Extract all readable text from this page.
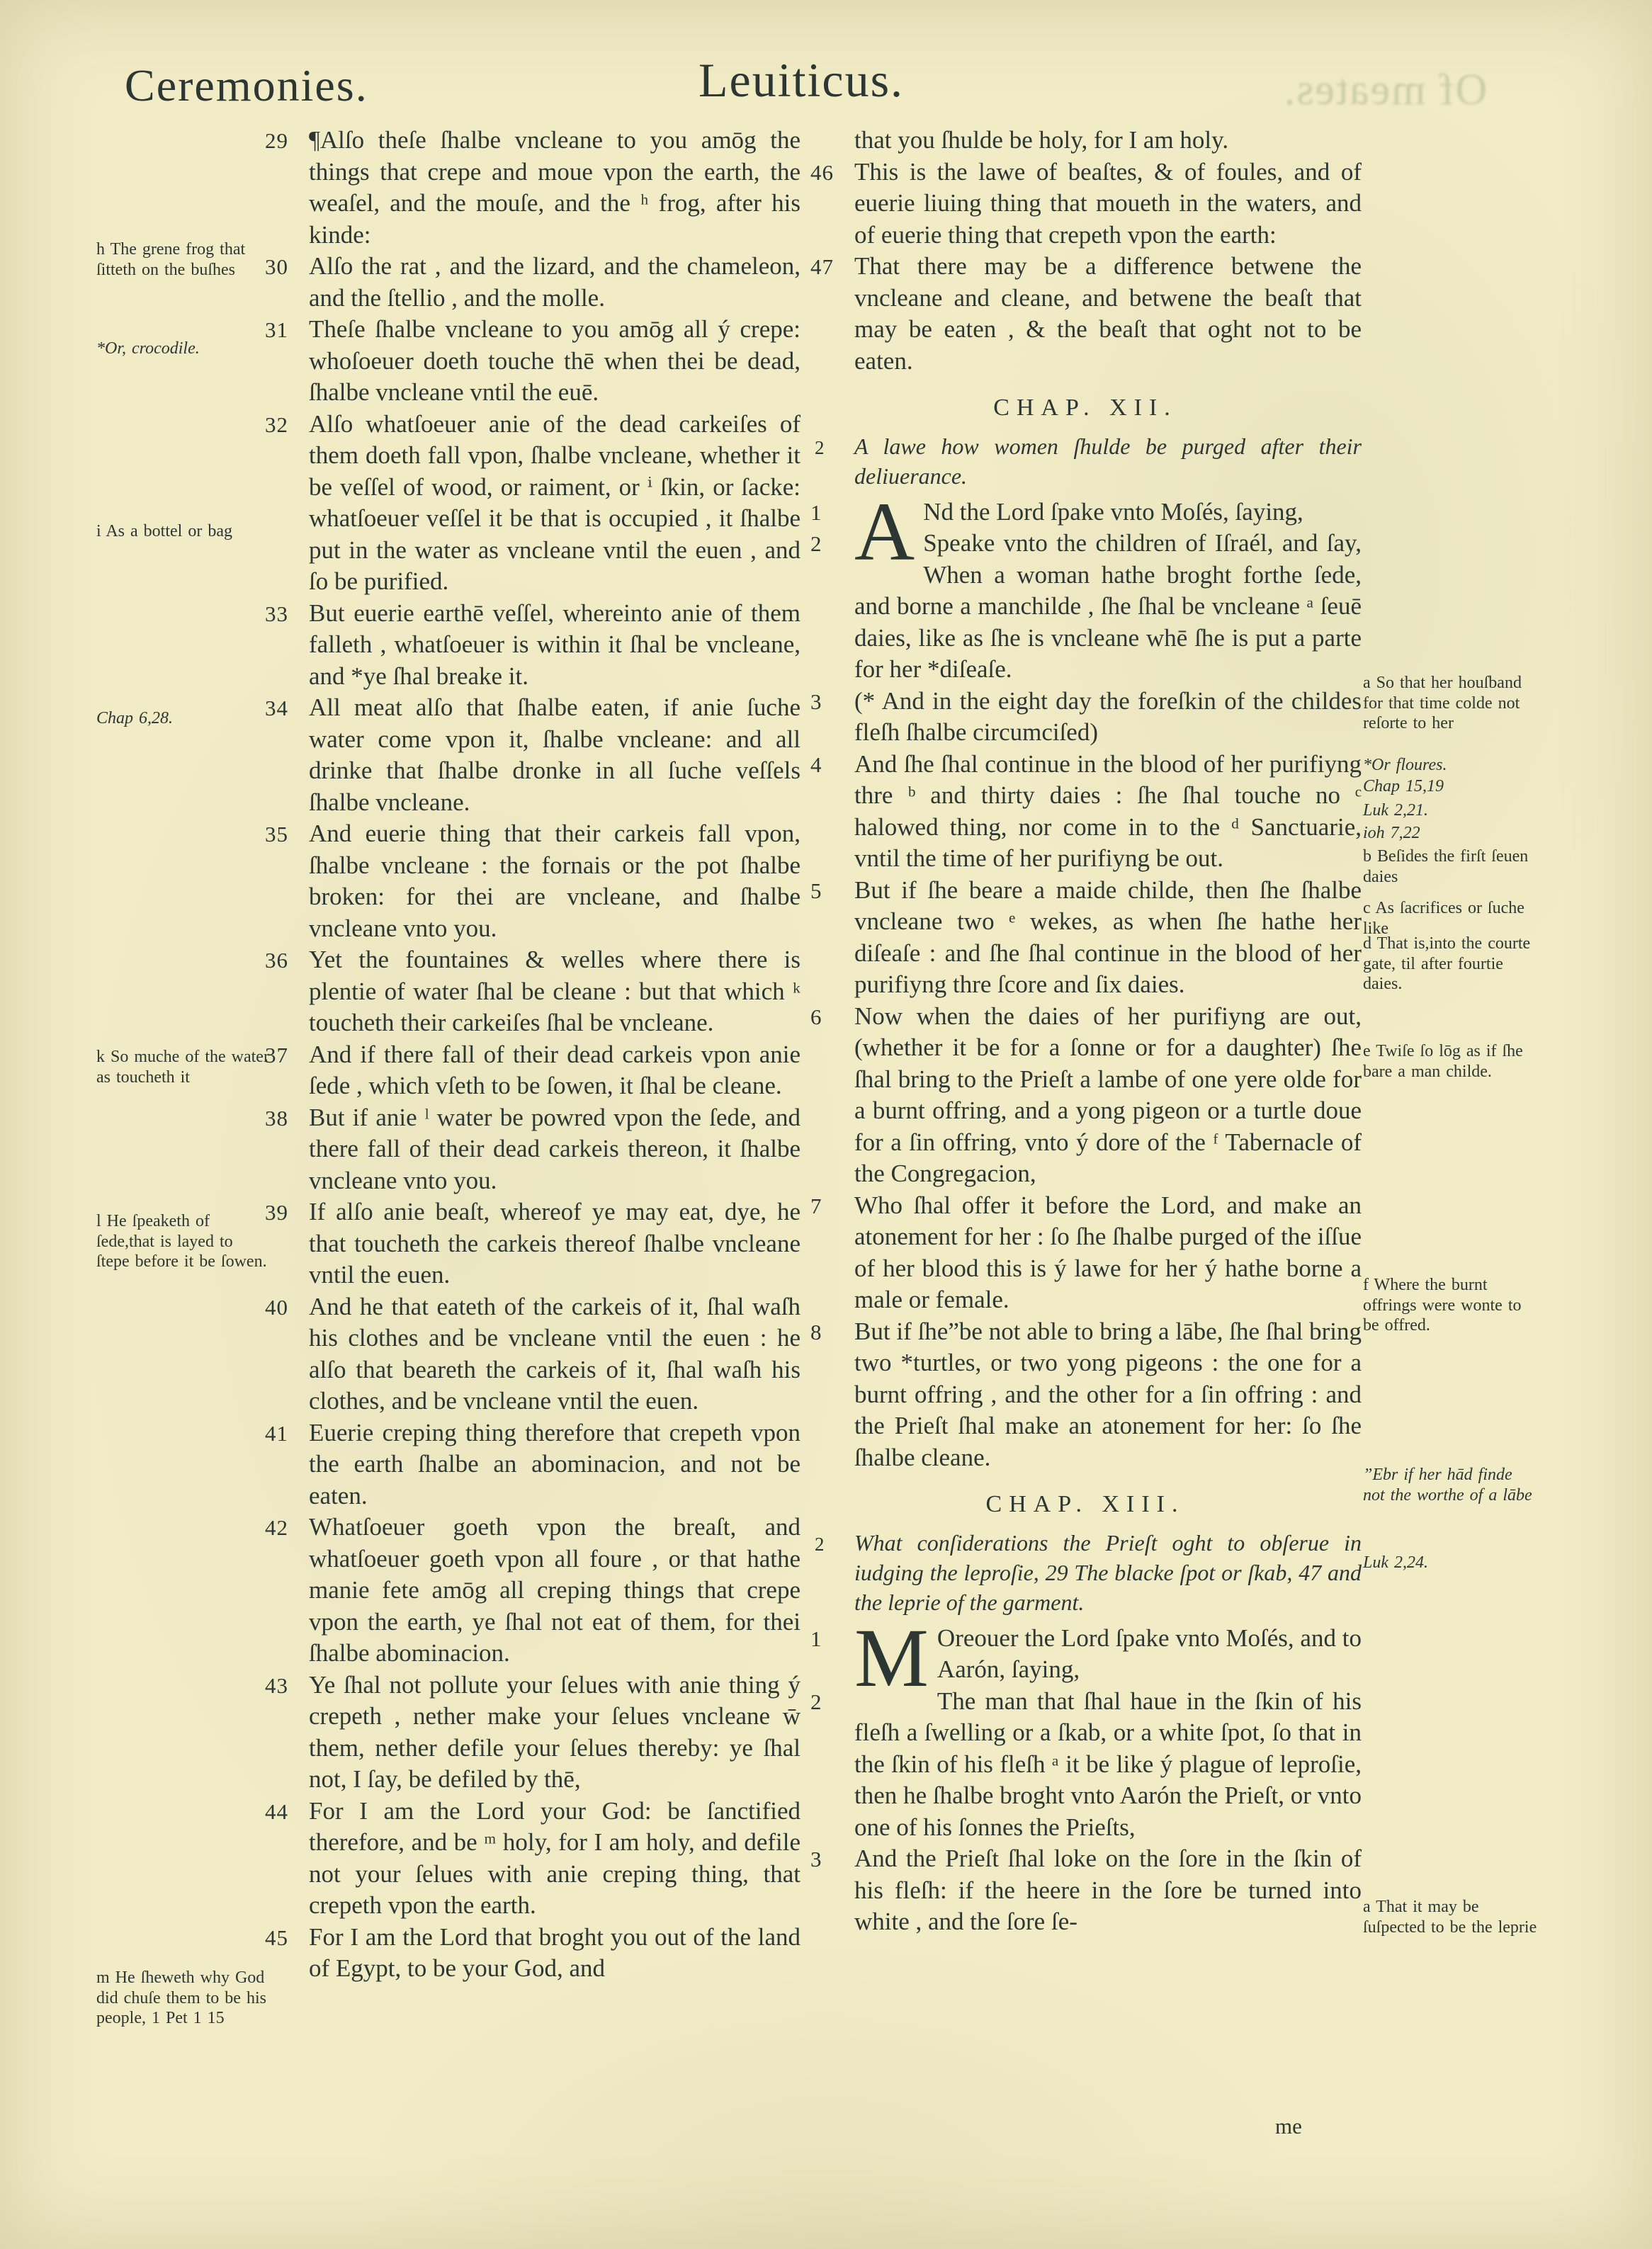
Ceremonies.	Leuiticus.	Of meates.
h The grene frog that ſitteth on the buſhes
*Or, crocodile.
i As a bottel or bag
Chap 6,28.
k So muche of the water as toucheth it
l He ſpeaketh of ſede,that is layed to ſtepe before it be ſowen.
m He ſheweth why God did chuſe them to be his people, 1 Pet 1 15

29 ¶Alſo theſe ſhalbe vncleane to you amōg the things that crepe and moue vpon the earth, the weaſel, and the mouſe, and the ʰ frog, after his kinde:

30 Alſo the rat , and the lizard, and the chameleon, and the ſtellio , and the molle.

31 Theſe ſhalbe vncleane to you amōg all ý crepe: whoſoeuer doeth touche thē when thei be dead, ſhalbe vncleane vntil the euē.

32 Alſo whatſoeuer anie of the dead carkeiſes of them doeth fall vpon, ſhalbe vncleane, whether it be veſſel of wood, or raiment, or ⁱ ſkin, or ſacke: whatſoeuer veſſel it be that is occupied , it ſhalbe put in the water as vncleane vntil the euen , and ſo be purified.

33 But euerie earthē veſſel, whereinto anie of them falleth , whatſoeuer is within it ſhal be vncleane, and *ye ſhal breake it.

34 All meat alſo that ſhalbe eaten, if anie ſuche water come vpon it, ſhalbe vncleane: and all drinke that ſhalbe dronke in all ſuche veſſels ſhalbe vncleane.

35 And euerie thing that their carkeis fall vpon, ſhalbe vncleane : the fornais or the pot ſhalbe broken: for thei are vncleane, and ſhalbe vncleane vnto you.

36 Yet the fountaines & welles where there is plentie of water ſhal be cleane : but that which ᵏ toucheth their carkeiſes ſhal be vncleane.

37 And if there fall of their dead carkeis vpon anie ſede , which vſeth to be ſowen, it ſhal be cleane.

38 But if anie ˡ water be powred vpon the ſede, and there fall of their dead carkeis thereon, it ſhalbe vncleane vnto you.

39 If alſo anie beaſt, whereof ye may eat, dye, he that toucheth the carkeis thereof ſhalbe vncleane vntil the euen.

40 And he that eateth of the carkeis of it, ſhal waſh his clothes and be vncleane vntil the euen : he alſo that beareth the carkeis of it, ſhal waſh his clothes, and be vncleane vntil the euen.

41 Euerie creping thing therefore that crepeth vpon the earth ſhalbe an abominacion, and not be eaten.

42 Whatſoeuer goeth vpon the breaſt, and whatſoeuer goeth vpon all foure , or that hathe manie fete amōg all creping things that crepe vpon the earth, ye ſhal not eat of them, for thei ſhalbe abominacion.

43 Ye ſhal not pollute your ſelues with anie thing ý crepeth , nether make your ſelues vncleane w̄ them, nether defile your ſelues thereby: ye ſhal not, I ſay, be defiled by thē,

44 For I am the Lord your God: be ſanctified therefore, and be ᵐ holy, for I am holy, and defile not your ſelues with anie creping thing, that crepeth vpon the earth.

45 For I am the Lord that broght you out of the land of Egypt, to be your God, and

that you ſhulde be holy, for I am holy.

46 This is the lawe of beaſtes, & of foules, and of euerie liuing thing that moueth in the waters, and of euerie thing that crepeth vpon the earth:

47 That there may be a difference betwene the vncleane and cleane, and betwene the beaſt that may be eaten , & the beaſt that oght not to be eaten.

CHAP. XII.

2 A lawe how women ſhulde be purged after their deliuerance.

1 A Nd the Lord ſpake vnto Moſés, ſaying,

2	Speake vnto the children of Iſraél, and ſay, When a woman hathe broght forthe ſede, and borne a manchilde , ſhe ſhal be vncleane ᵃ ſeuē daies, like as ſhe is vncleane whē ſhe is put a parte for her *diſeaſe.

3	(* And in the eight day the foreſkin of the childes fleſh ſhalbe circumciſed)

4	And ſhe ſhal continue in the blood of her purifiyng thre ᵇ and thirty daies : ſhe ſhal touche no ᶜ halowed thing, nor come in to the ᵈ Sanctuarie, vntil the time of her purifiyng be out.

5	But if ſhe beare a maide childe, then ſhe ſhalbe vncleane two ᵉ wekes, as when ſhe hathe her diſeaſe : and ſhe ſhal continue in the blood of her purifiyng thre ſcore and ſix daies.

6	Now when the daies of her purifiyng are out, (whether it be for a ſonne or for a daughter) ſhe ſhal bring to the Prieſt a lambe of one yere olde for a burnt offring, and a yong pigeon or a turtle doue for a ſin offring, vnto ý dore of the ᶠ Tabernacle of the Congregacion,

7	Who ſhal offer it before the Lord, and make an atonement for her : ſo ſhe ſhalbe purged of the iſſue of her blood this is ý lawe for her ý hathe borne a male or female.

8	But if ſhe”be not able to bring a lābe, ſhe ſhal bring two *turtles, or two yong pigeons : the one for a burnt offring , and the other for a ſin offring : and the Prieſt ſhal make an atonement for her: ſo ſhe ſhalbe cleane.

CHAP. XIII.

2 What conſiderations the Prieſt oght to obſerue in iudging the leproſie, 29 The blacke ſpot or ſkab, 47 and the leprie of the garment.

1 M Oreouer the Lord ſpake vnto Moſés, and to Aarón, ſaying,

2	The man that ſhal haue in the ſkin of his fleſh a ſwelling or a ſkab, or a white ſpot, ſo that in the ſkin of his fleſh ᵃ it be like ý plague of leproſie, then he ſhalbe broght vnto Aarón the Prieſt, or vnto one of his ſonnes the Prieſts,

3	And the Prieſt ſhal loke on the ſore in the ſkin of his fleſh: if the heere in the ſore be turned into white , and the ſore ſe-

a So that her houſband for that time colde not reſorte to her
*Or floures.
Chap 15,19
Luk 2,21.
ioh 7,22
b Beſides the firſt ſeuen daies
c As ſacrifices or ſuche like
d That is,into the courte gate, til after fourtie daies.
e Twiſe ſo lōg as if ſhe bare a man childe.
f Where the burnt offrings were wonte to be offred.
”Ebr if her hād finde not the worthe of a lābe
Luk 2,24.
a That it may be ſuſpected to be the leprie
me
